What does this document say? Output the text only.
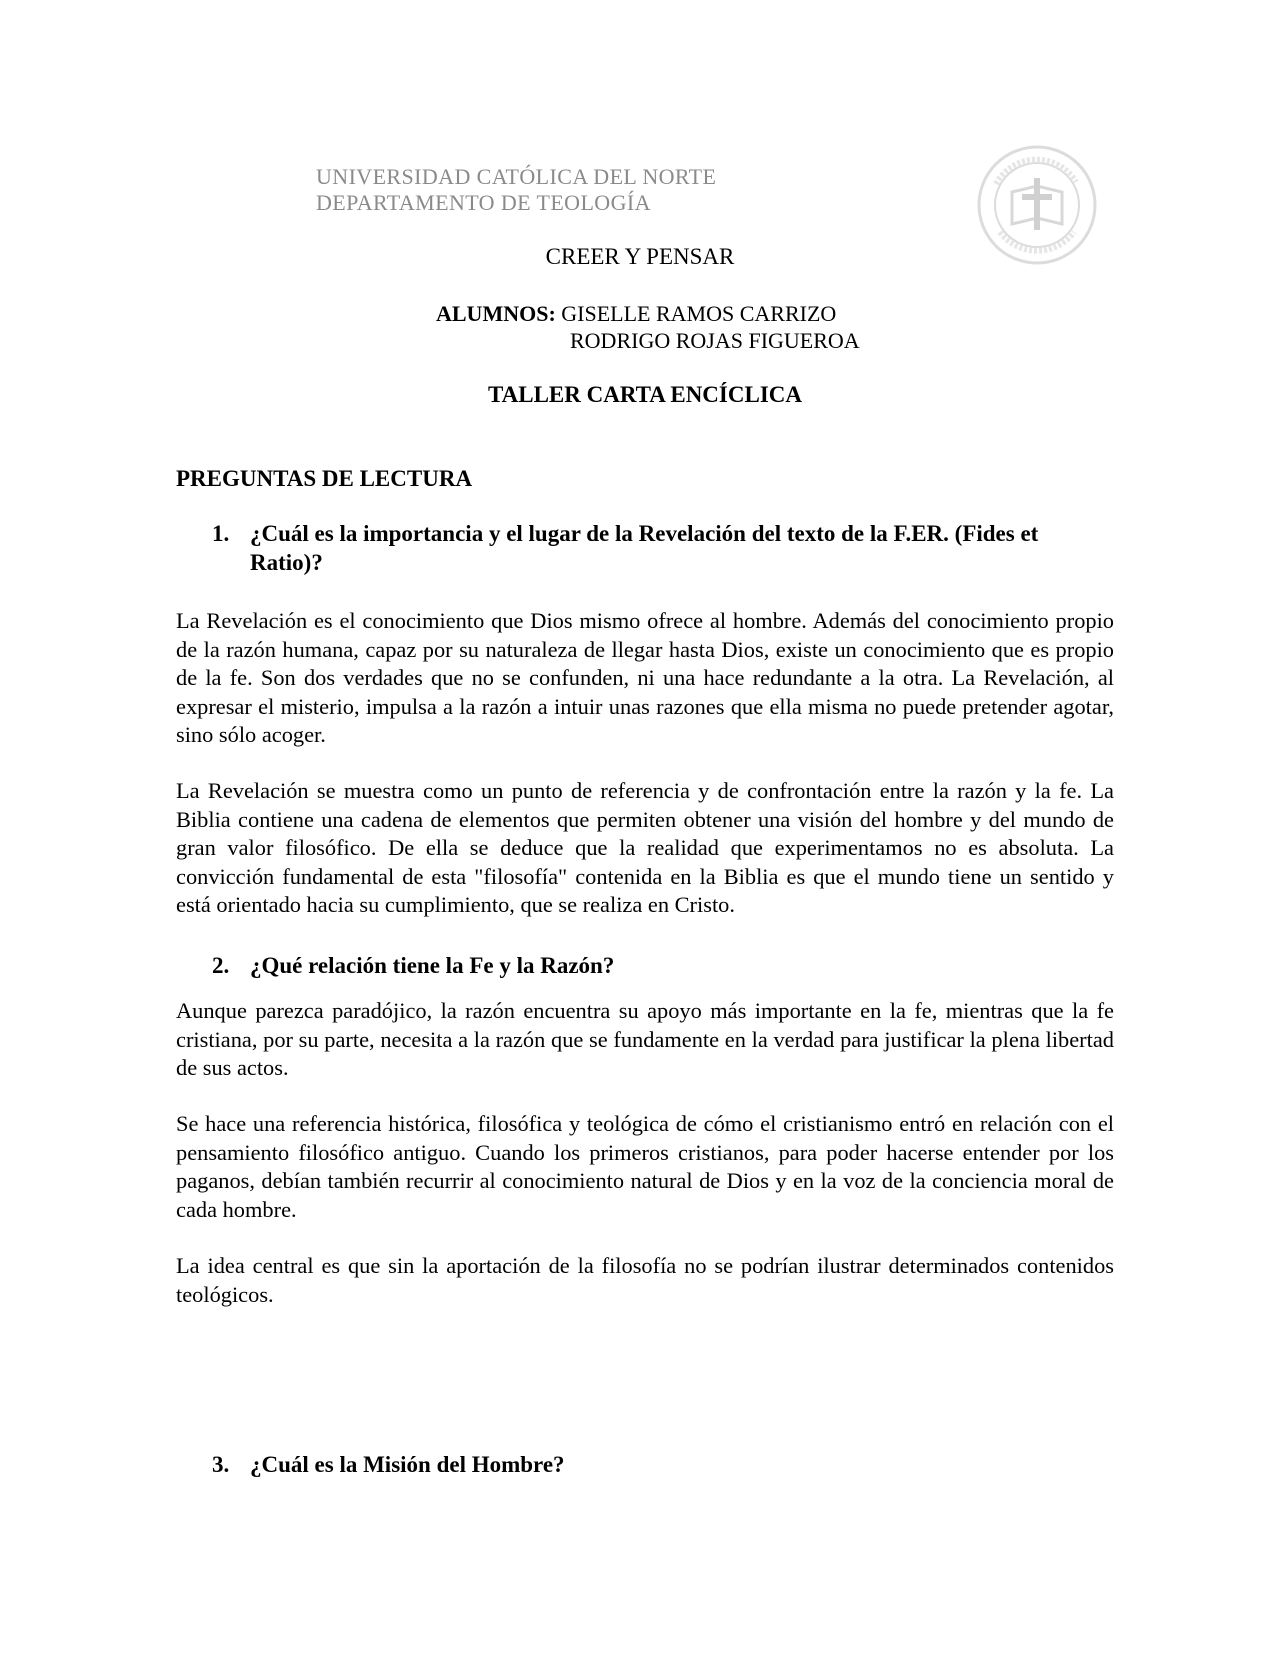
UNIVERSIDAD CATÓLICA DEL NORTE
DEPARTAMENTO DE TEOLOGÍA
CREER Y PENSAR
ALUMNOS: GISELLE RAMOS CARRIZO
RODRIGO ROJAS FIGUEROA
TALLER CARTA ENCÍCLICA
PREGUNTAS DE LECTURA
1. ¿Cuál es la importancia y el lugar de la Revelación del texto de la F.ER. (Fides et Ratio)?

La Revelación es el conocimiento que Dios mismo ofrece al hombre. Además del conocimiento propio de la razón humana, capaz por su naturaleza de llegar hasta Dios, existe un conocimiento que es propio de la fe. Son dos verdades que no se confunden, ni una hace redundante a la otra. La Revelación, al expresar el misterio, impulsa a la razón a intuir unas razones que ella misma no puede pretender agotar, sino sólo acoger.

La Revelación se muestra como un punto de referencia y de confrontación entre la razón y la fe. La Biblia contiene una cadena de elementos que permiten obtener una visión del hombre y del mundo de gran valor filosófico. De ella se deduce que la realidad que experimentamos no es absoluta. La convicción fundamental de esta "filosofía" contenida en la Biblia es que el mundo tiene un sentido y está orientado hacia su cumplimiento, que se realiza en Cristo.

2. ¿Qué relación tiene la Fe y la Razón?

Aunque parezca paradójico, la razón encuentra su apoyo más importante en la fe, mientras que la fe cristiana, por su parte, necesita a la razón que se fundamente en la verdad para justificar la plena libertad de sus actos.

Se hace una referencia histórica, filosófica y teológica de cómo el cristianismo entró en relación con el pensamiento filosófico antiguo. Cuando los primeros cristianos, para poder hacerse entender por los paganos, debían también recurrir al conocimiento natural de Dios y en la voz de la conciencia moral de cada hombre.

La idea central es que sin la aportación de la filosofía no se podrían ilustrar determinados contenidos teológicos.

3. ¿Cuál es la Misión del Hombre?
